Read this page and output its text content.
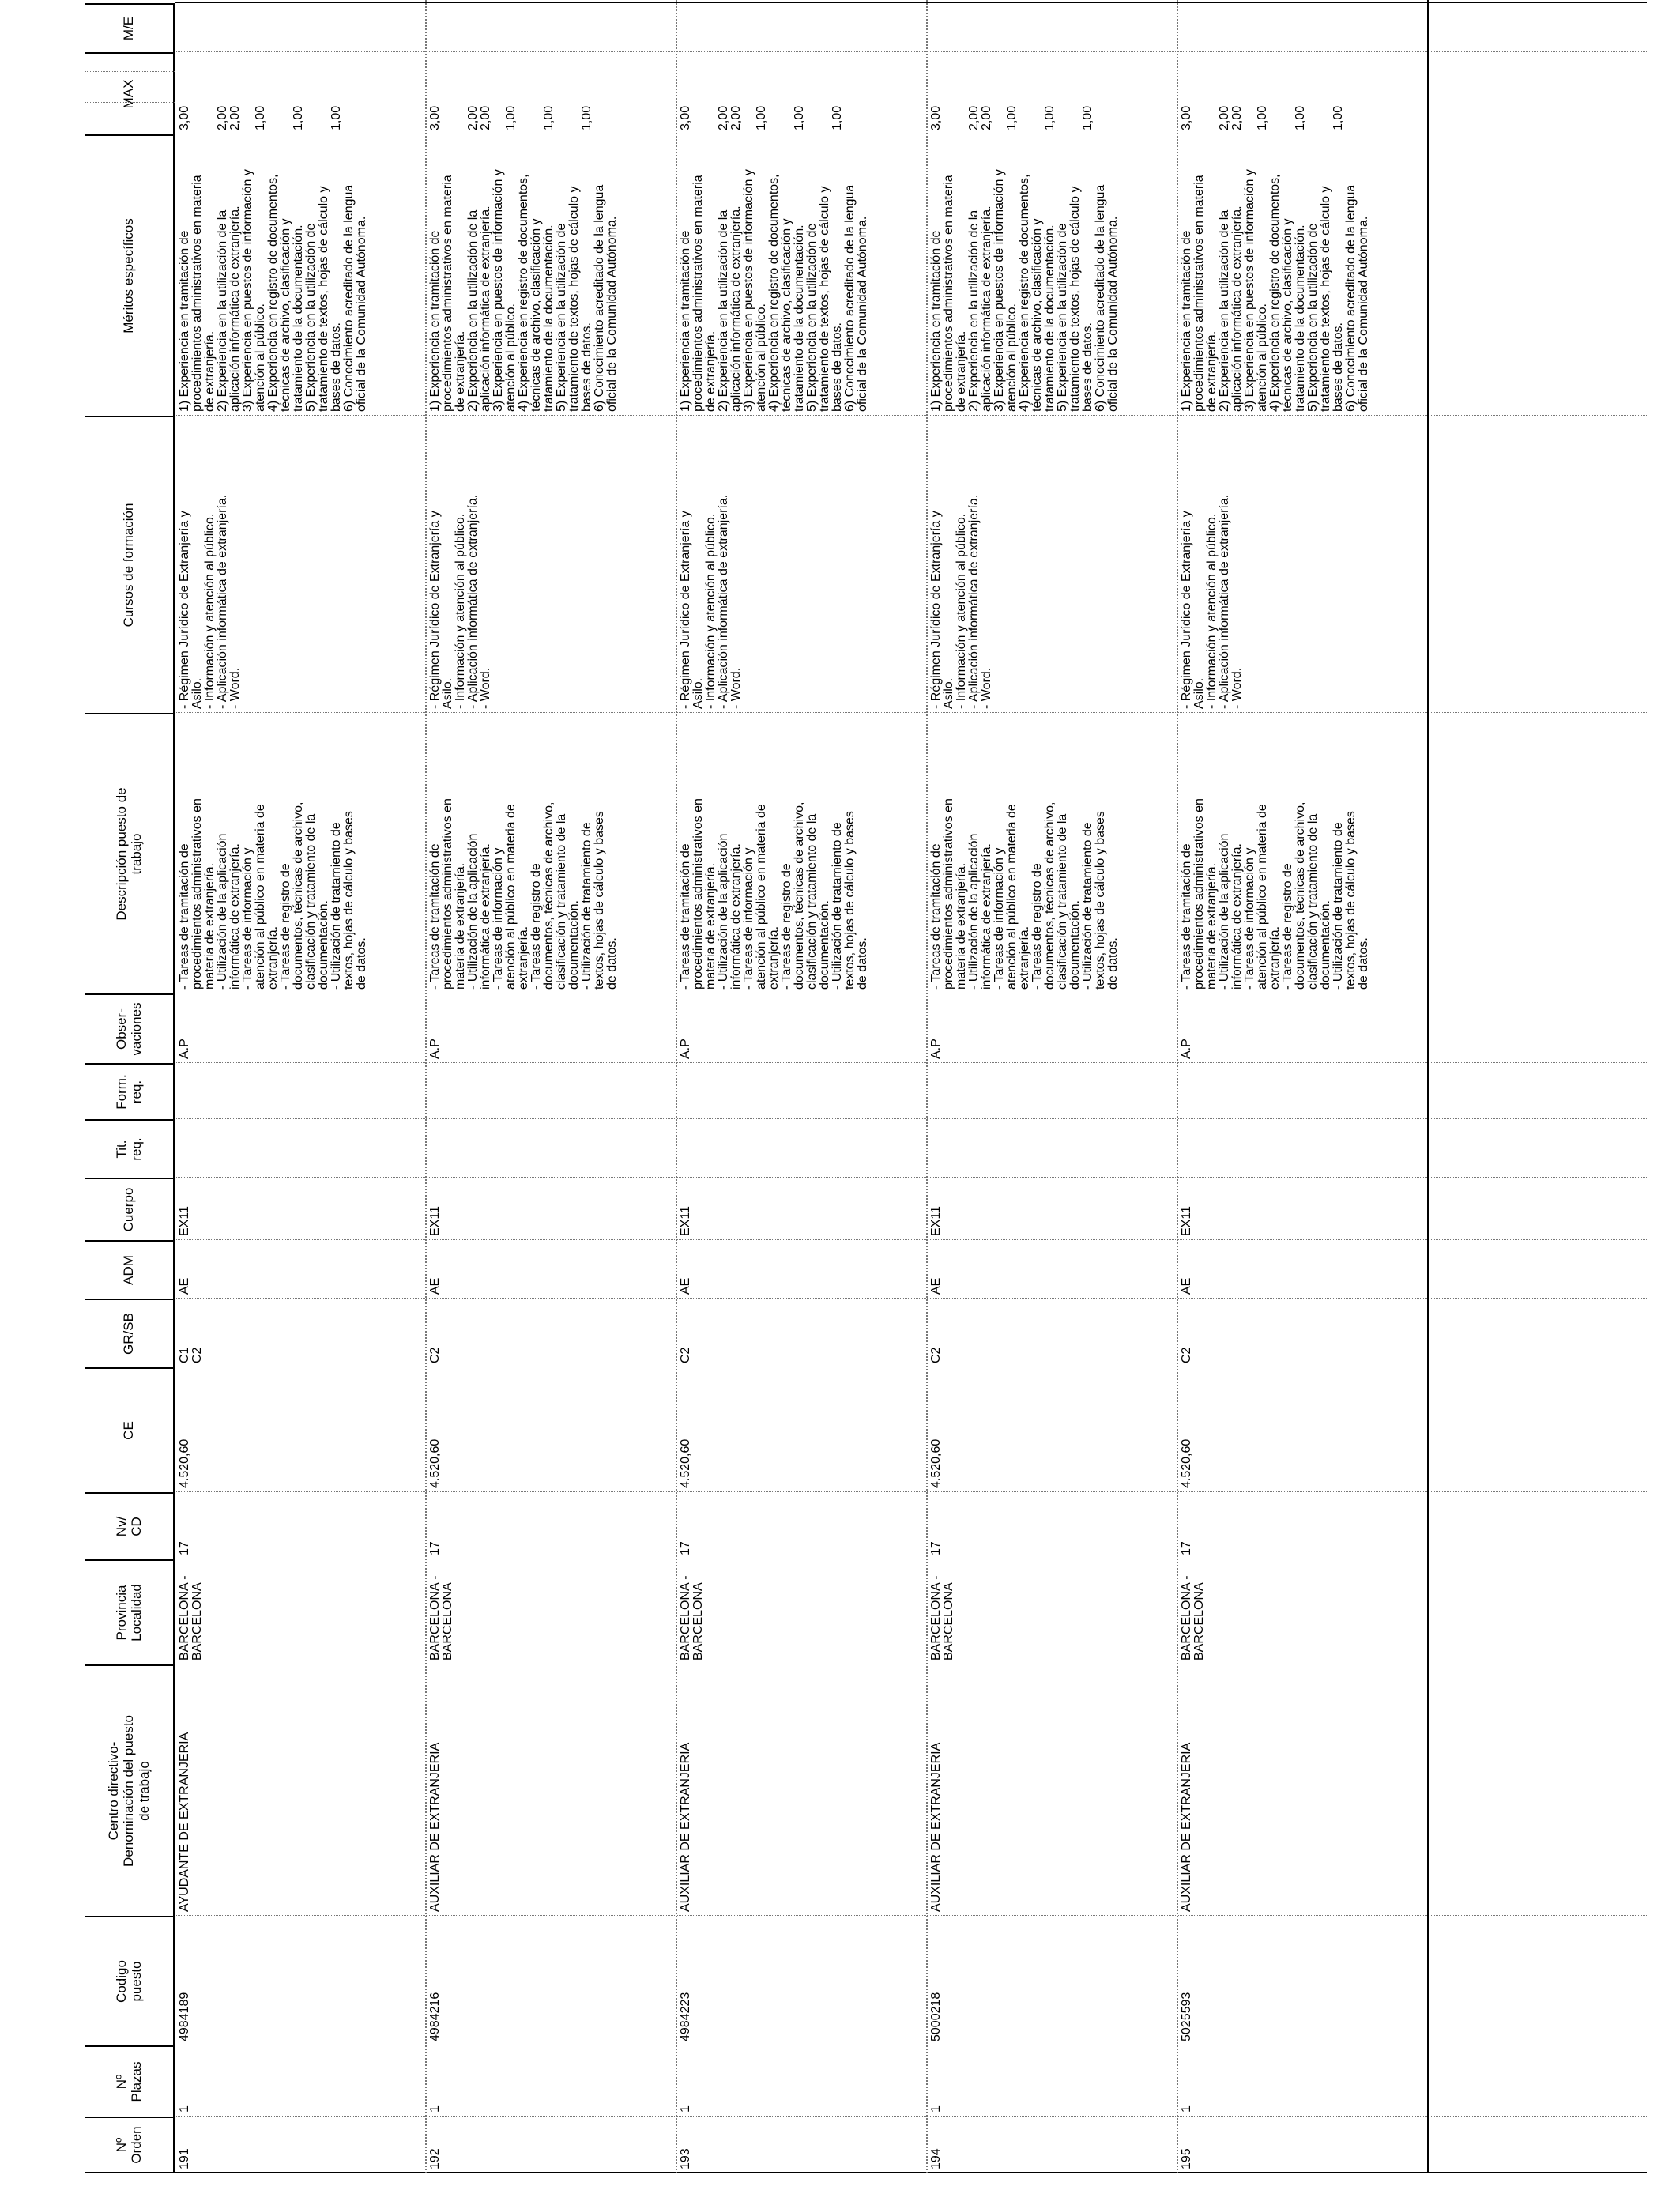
Nº
Orden
Nº
Plazas
Codigo
puesto
Centro directivo-
Denominación del puesto
de trabajo
Provincia
Localidad
Nv/
CD
CE
GR/SB
ADM
Cuerpo
Tit.
req.
Form.
req.
Obser-
vaciones
Descripción puesto de
trabajo
Cursos de formación
Méritos específicos
MAX
M/E
191
1
4984189
AYUDANTE DE EXTRANJERIA
BARCELONA -
BARCELONA
17
4.520,60
C1
C2
AE
EX11
A.P
- Tareas de tramitación de
procedimientos administrativos en
materia de extranjería.
- Utilización de la aplicación
informática de extranjería.
- Tareas de información y
atención al público en materia de
extranjería.
- Tareas de registro de
documentos, técnicas de archivo,
clasificación y tratamiento de la
documentación.
- Utilización de tratamiento de
textos, hojas de cálculo y bases
de datos.
- Régimen Jurídico de Extranjería y
Asilo.
- Información y atención al público.
- Aplicación informática de extranjería.
- Word.
1) Experiencia en tramitación de
procedimientos administrativos en materia
de extranjería.
2) Experiencia en la utilización de la
aplicación informática de extranjería.
3) Experiencia en puestos de información y
atención al público.
4) Experiencia en registro de documentos,
técnicas de archivo, clasificación y
tratamiento de la documentación.
5) Experiencia en la utilización de
tratamiento de textos, hojas de cálculo y
bases de datos.
6) Conocimiento acreditado de la lengua
oficial de la Comunidad Autónoma.
3,00

2,00
2,00

1,00

1,00

1,00
192
1
4984216
AUXILIAR DE EXTRANJERIA
BARCELONA -
BARCELONA
17
4.520,60
C2
AE
EX11
A.P
- Tareas de tramitación de
procedimientos administrativos en
materia de extranjería.
- Utilización de la aplicación
informática de extranjería.
- Tareas de información y
atención al público en materia de
extranjería.
- Tareas de registro de
documentos, técnicas de archivo,
clasificación y tratamiento de la
documentación.
- Utilización de tratamiento de
textos, hojas de cálculo y bases
de datos.
- Régimen Jurídico de Extranjería y
Asilo.
- Información y atención al público.
- Aplicación informática de extranjería.
- Word.
1) Experiencia en tramitación de
procedimientos administrativos en materia
de extranjería.
2) Experiencia en la utilización de la
aplicación informática de extranjería.
3) Experiencia en puestos de información y
atención al público.
4) Experiencia en registro de documentos,
técnicas de archivo, clasificación y
tratamiento de la documentación.
5) Experiencia en la utilización de
tratamiento de textos, hojas de cálculo y
bases de datos.
6) Conocimiento acreditado de la lengua
oficial de la Comunidad Autónoma.
3,00

2,00
2,00

1,00

1,00

1,00
193
1
4984223
AUXILIAR DE EXTRANJERIA
BARCELONA -
BARCELONA
17
4.520,60
C2
AE
EX11
A.P
- Tareas de tramitación de
procedimientos administrativos en
materia de extranjería.
- Utilización de la aplicación
informática de extranjería.
- Tareas de información y
atención al público en materia de
extranjería.
- Tareas de registro de
documentos, técnicas de archivo,
clasificación y tratamiento de la
documentación.
- Utilización de tratamiento de
textos, hojas de cálculo y bases
de datos.
- Régimen Jurídico de Extranjería y
Asilo.
- Información y atención al público.
- Aplicación informática de extranjería.
- Word.
1) Experiencia en tramitación de
procedimientos administrativos en materia
de extranjería.
2) Experiencia en la utilización de la
aplicación informática de extranjería.
3) Experiencia en puestos de información y
atención al público.
4) Experiencia en registro de documentos,
técnicas de archivo, clasificación y
tratamiento de la documentación.
5) Experiencia en la utilización de
tratamiento de textos, hojas de cálculo y
bases de datos.
6) Conocimiento acreditado de la lengua
oficial de la Comunidad Autónoma.
3,00

2,00
2,00

1,00

1,00

1,00
194
1
5000218
AUXILIAR DE EXTRANJERIA
BARCELONA -
BARCELONA
17
4.520,60
C2
AE
EX11
A.P
- Tareas de tramitación de
procedimientos administrativos en
materia de extranjería.
- Utilización de la aplicación
informática de extranjería.
- Tareas de información y
atención al público en materia de
extranjería.
- Tareas de registro de
documentos, técnicas de archivo,
clasificación y tratamiento de la
documentación.
- Utilización de tratamiento de
textos, hojas de cálculo y bases
de datos.
- Régimen Jurídico de Extranjería y
Asilo.
- Información y atención al público.
- Aplicación informática de extranjería.
- Word.
1) Experiencia en tramitación de
procedimientos administrativos en materia
de extranjería.
2) Experiencia en la utilización de la
aplicación informática de extranjería.
3) Experiencia en puestos de información y
atención al público.
4) Experiencia en registro de documentos,
técnicas de archivo, clasificación y
tratamiento de la documentación.
5) Experiencia en la utilización de
tratamiento de textos, hojas de cálculo y
bases de datos.
6) Conocimiento acreditado de la lengua
oficial de la Comunidad Autónoma.
3,00

2,00
2,00

1,00

1,00

1,00
195
1
5025593
AUXILIAR DE EXTRANJERIA
BARCELONA -
BARCELONA
17
4.520,60
C2
AE
EX11
A.P
- Tareas de tramitación de
procedimientos administrativos en
materia de extranjería.
- Utilización de la aplicación
informática de extranjería.
- Tareas de información y
atención al público en materia de
extranjería.
- Tareas de registro de
documentos, técnicas de archivo,
clasificación y tratamiento de la
documentación.
- Utilización de tratamiento de
textos, hojas de cálculo y bases
de datos.
- Régimen Jurídico de Extranjería y
Asilo.
- Información y atención al público.
- Aplicación informática de extranjería.
- Word.
1) Experiencia en tramitación de
procedimientos administrativos en materia
de extranjería.
2) Experiencia en la utilización de la
aplicación informática de extranjería.
3) Experiencia en puestos de información y
atención al público.
4) Experiencia en registro de documentos,
técnicas de archivo, clasificación y
tratamiento de la documentación.
5) Experiencia en la utilización de
tratamiento de textos, hojas de cálculo y
bases de datos.
6) Conocimiento acreditado de la lengua
oficial de la Comunidad Autónoma.
3,00

2,00
2,00

1,00

1,00

1,00
